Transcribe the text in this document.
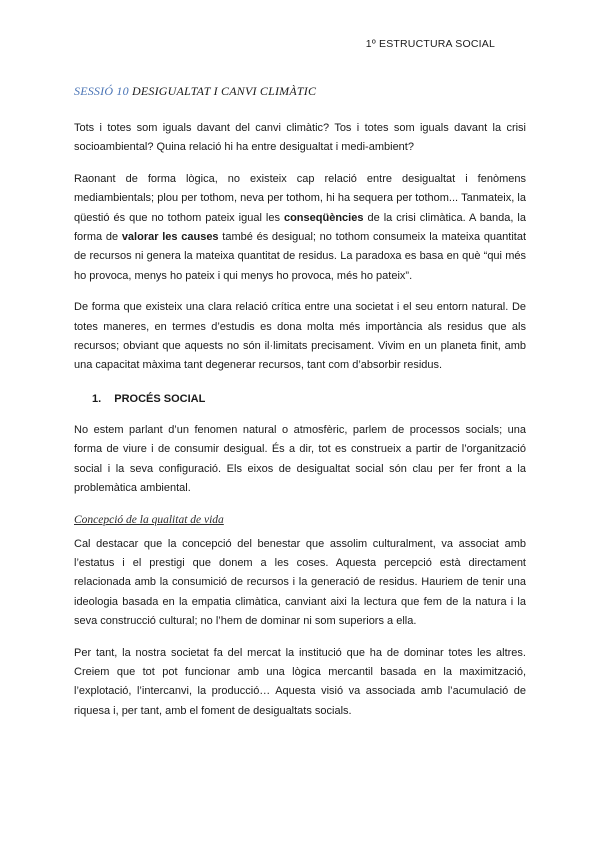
1º ESTRUCTURA SOCIAL
SESSIÓ 10 DESIGUALTAT I CANVI CLIMÀTIC

Tots i totes som iguals davant del canvi climàtic? Tos i totes som iguals davant la crisi socioambiental? Quina relació hi ha entre desigualtat i medi-ambient?

Raonant de forma lògica, no existeix cap relació entre desigualtat i fenòmens mediambientals; plou per tothom, neva per tothom, hi ha sequera per tothom... Tanmateix, la qüestió és que no tothom pateix igual les conseqüències de la crisi climàtica. A banda, la forma de valorar les causes també és desigual; no tothom consumeix la mateixa quantitat de recursos ni genera la mateixa quantitat de residus. La paradoxa es basa en què “qui més ho provoca, menys ho pateix i qui menys ho provoca, més ho pateix”.

De forma que existeix una clara relació crítica entre una societat i el seu entorn natural. De totes maneres, en termes d’estudis es dona molta més importància als residus que als recursos; obviant que aquests no són il·limitats precisament. Vivim en un planeta finit, amb una capacitat màxima tant degenerar recursos, tant com d’absorbir residus.

1. PROCÉS SOCIAL

No estem parlant d’un fenomen natural o atmosfèric, parlem de processos socials; una forma de viure i de consumir desigual. És a dir, tot es construeix a partir de l’organització social i la seva configuració. Els eixos de desigualtat social són clau per fer front a la problemàtica ambiental.

Concepció de la qualitat de vida

Cal destacar que la concepció del benestar que assolim culturalment, va associat amb l’estatus i el prestigi que donem a les coses. Aquesta percepció està directament relacionada amb la consumició de recursos i la generació de residus. Hauriem de tenir una ideologia basada en la empatia climàtica, canviant aixi la lectura que fem de la natura i la seva construcció cultural; no l’hem de dominar ni som superiors a ella.

Per tant, la nostra societat fa del mercat la institució que ha de dominar totes les altres. Creiem que tot pot funcionar amb una lògica mercantil basada en la maximització, l’explotació, l’intercanvi, la producció… Aquesta visió va associada amb l’acumulació de riquesa i, per tant, amb el foment de desigualtats socials.
